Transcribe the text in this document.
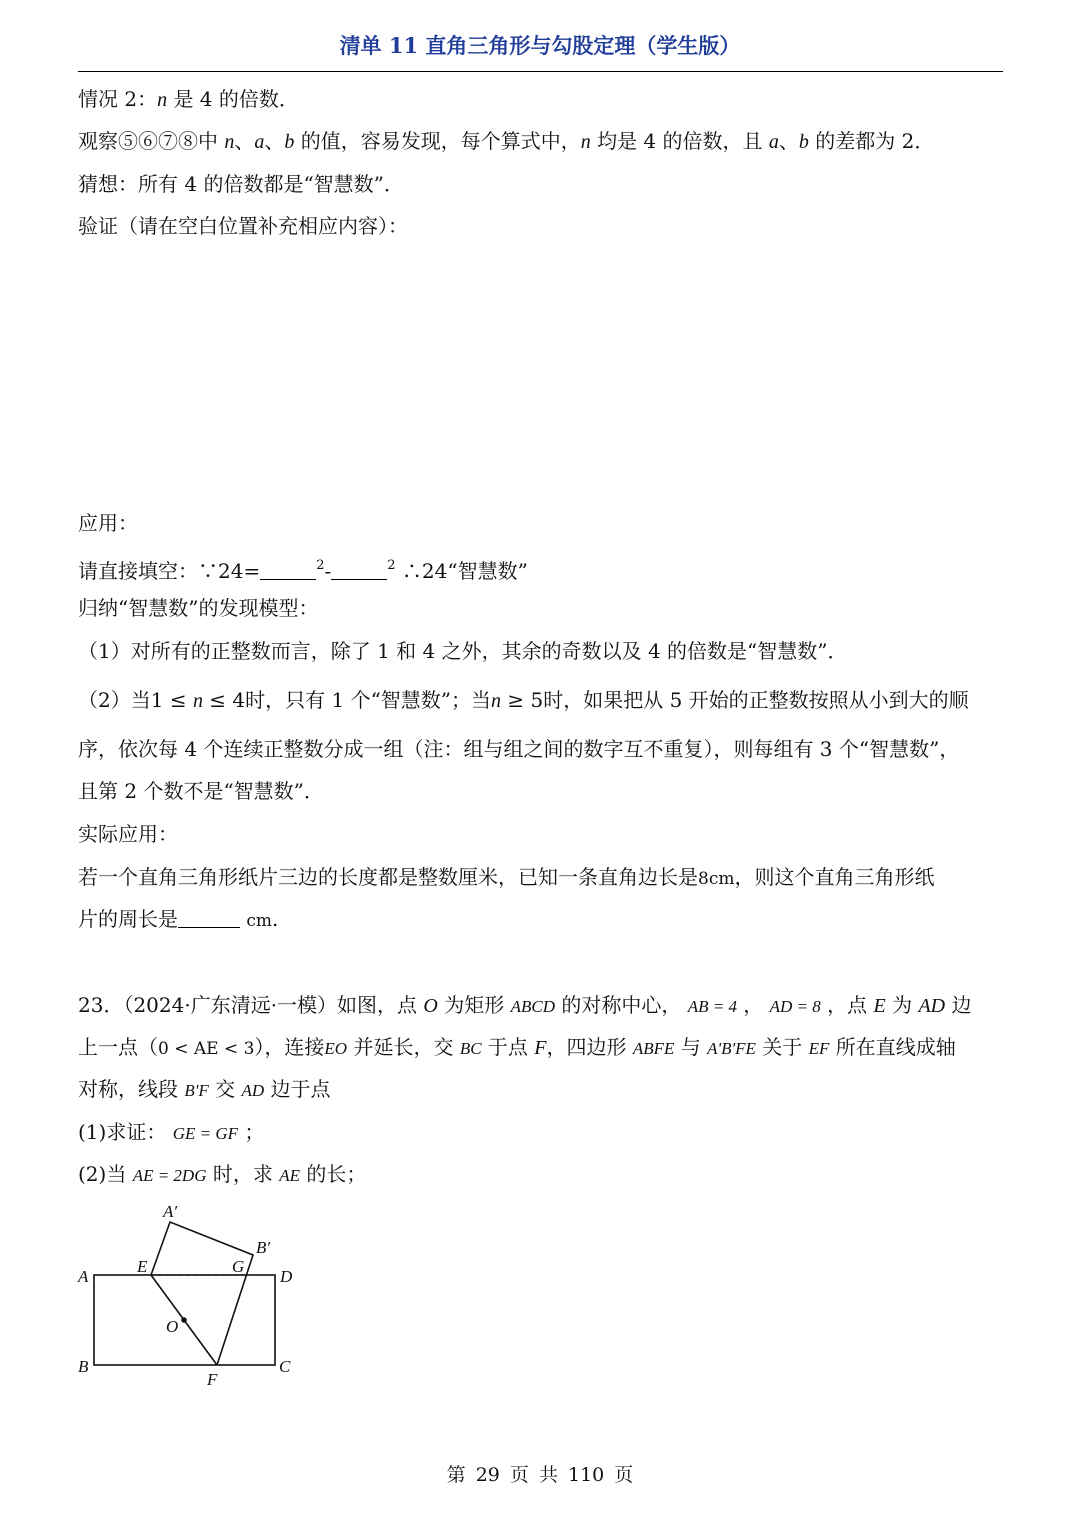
清单 11 直角三角形与勾股定理（学生版）
情况 2：n 是 4 的倍数．
观察⑤⑥⑦⑧中 n、a、b 的值，容易发现，每个算式中，n 均是 4 的倍数，且 a、b 的差都为 2．
猜想：所有 4 的倍数都是“智慧数”．
验证（请在空白位置补充相应内容）：
应用：
请直接填空：∵24=	$^2$-	$^2$ ∴24“智慧数”
归纳“智慧数”的发现模型：
（1）对所有的正整数而言，除了 1 和 4 之外，其余的奇数以及 4 的倍数是“智慧数”．
（2）当1 ≤ n ≤ 4时，只有 1 个“智慧数”；当n ≥ 5时，如果把从 5 开始的正整数按照从小到大的顺
序，依次每 4 个连续正整数分成一组（注：组与组之间的数字互不重复），则每组有 3 个“智慧数”，
且第 2 个数不是“智慧数”．
实际应用：
若一个直角三角形纸片三边的长度都是整数厘米，已知一条直角边长是8cm，则这个直角三角形纸
片的周长是	cm.
23．（2024·广东清远·一模）如图，点 O 为矩形 ABCD 的对称中心， AB = 4 ， AD = 8 ，点 E 为 AD 边
上一点（0 < AE < 3），连接EO 并延长，交 BC 于点 F，四边形 ABFE 与 A'B'FE 关于 EF 所在直线成轴
对称，线段 B'F 交 AD 边于点
(1)求证： GE = GF ；
(2)当 AE = 2DG 时，求 AE 的长；
A
B	C
D
E	G
O
F
A′
B′
第 29 页 共 110 页
